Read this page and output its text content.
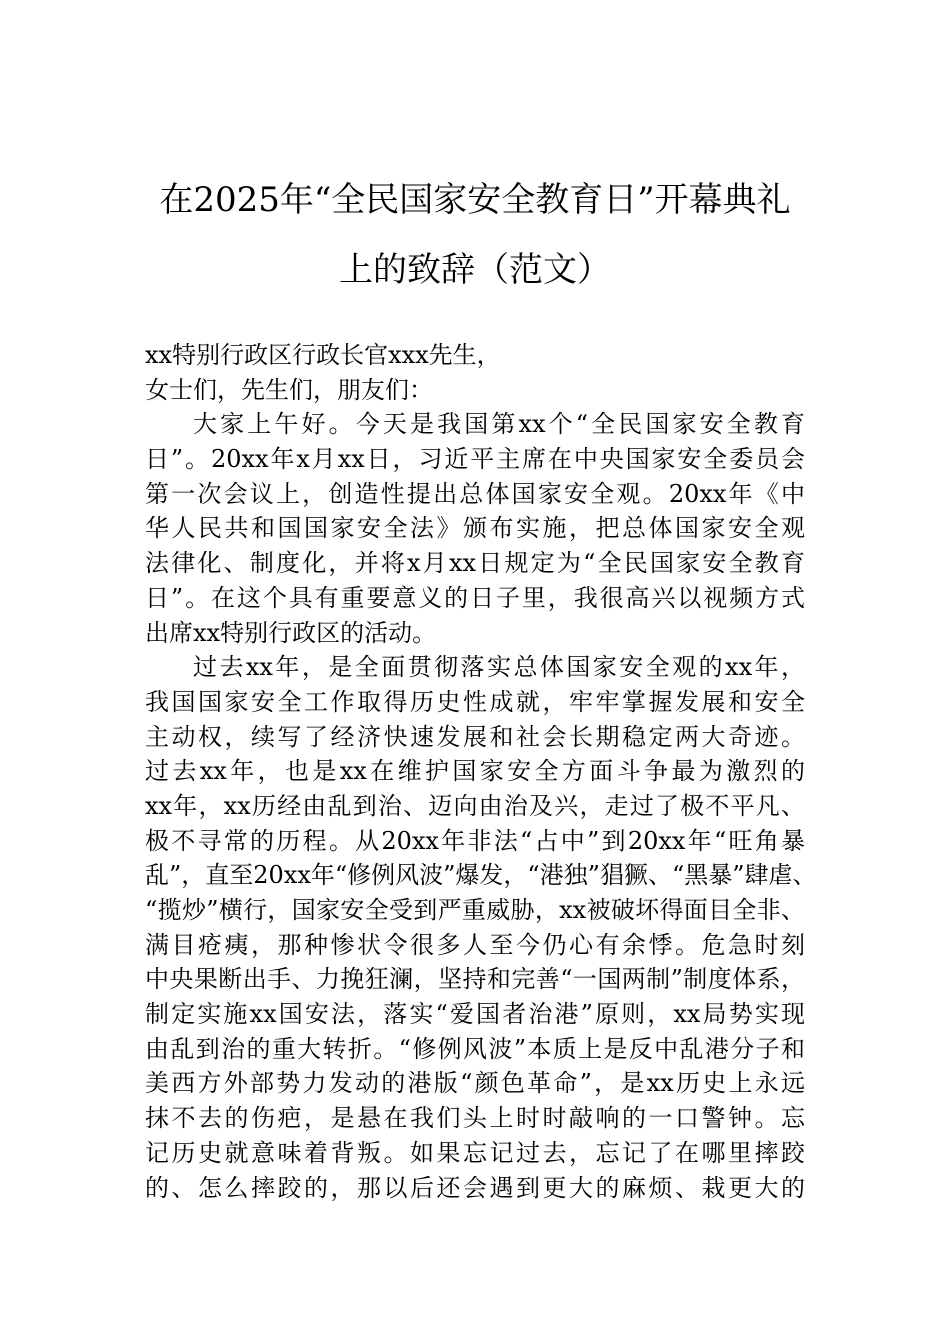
在2025年“全民国家安全教育日”开幕典礼
上的致辞（范文）
xx特别行政区行政长官xxx先生，
女士们，先生们，朋友们：
大家上午好。今天是我国第xx个“全民国家安全教育
日”。20xx年x月xx日，习近平主席在中央国家安全委员会
第一次会议上，创造性提出总体国家安全观。20xx年《中
华人民共和国国家安全法》颁布实施，把总体国家安全观
法律化、制度化，并将x月xx日规定为“全民国家安全教育
日”。在这个具有重要意义的日子里，我很高兴以视频方式
出席xx特别行政区的活动。
过去xx年，是全面贯彻落实总体国家安全观的xx年，
我国国家安全工作取得历史性成就，牢牢掌握发展和安全
主动权，续写了经济快速发展和社会长期稳定两大奇迹。
过去xx年，也是xx在维护国家安全方面斗争最为激烈的
xx年，xx历经由乱到治、迈向由治及兴，走过了极不平凡、
极不寻常的历程。从20xx年非法“占中”到20xx年“旺角暴
乱”，直至20xx年“修例风波”爆发，“港独”猖獗、“黑暴”肆虐、
“揽炒”横行，国家安全受到严重威胁，xx被破坏得面目全非、
满目疮痍，那种惨状令很多人至今仍心有余悸。危急时刻
中央果断出手、力挽狂澜，坚持和完善“一国两制”制度体系，
制定实施xx国安法，落实“爱国者治港”原则，xx局势实现
由乱到治的重大转折。“修例风波”本质上是反中乱港分子和
美西方外部势力发动的港版“颜色革命”，是xx历史上永远
抹不去的伤疤，是悬在我们头上时时敲响的一口警钟。忘
记历史就意味着背叛。如果忘记过去，忘记了在哪里摔跤
的、怎么摔跤的，那以后还会遇到更大的麻烦、栽更大的
